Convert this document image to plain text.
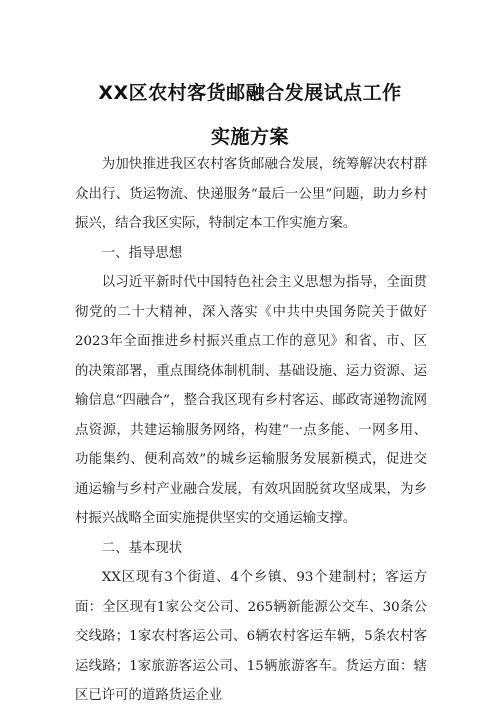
XX区农村客货邮融合发展试点工作
实施方案

为加快推进我区农村客货邮融合发展，统筹解决农村群众出行、货运物流、快递服务“最后一公里”问题，助力乡村振兴，结合我区实际，特制定本工作实施方案。

一、指导思想

以习近平新时代中国特色社会主义思想为指导，全面贯彻党的二十大精神，深入落实《中共中央国务院关于做好2023年全面推进乡村振兴重点工作的意见》和省、市、区的决策部署，重点围绕体制机制、基础设施、运力资源、运输信息“四融合”，整合我区现有乡村客运、邮政寄递物流网点资源，共建运输服务网络，构建“一点多能、一网多用、功能集约、便利高效”的城乡运输服务发展新模式，促进交通运输与乡村产业融合发展，有效巩固脱贫攻坚成果，为乡村振兴战略全面实施提供坚实的交通运输支撑。

二、基本现状

XX区现有3个街道、4个乡镇、93个建制村；客运方面：全区现有1家公交公司、265辆新能源公交车、30条公交线路；1家农村客运公司、6辆农村客运车辆，5条农村客运线路；1家旅游客运公司、15辆旅游客车。货运方面：辖区已许可的道路货运企业
